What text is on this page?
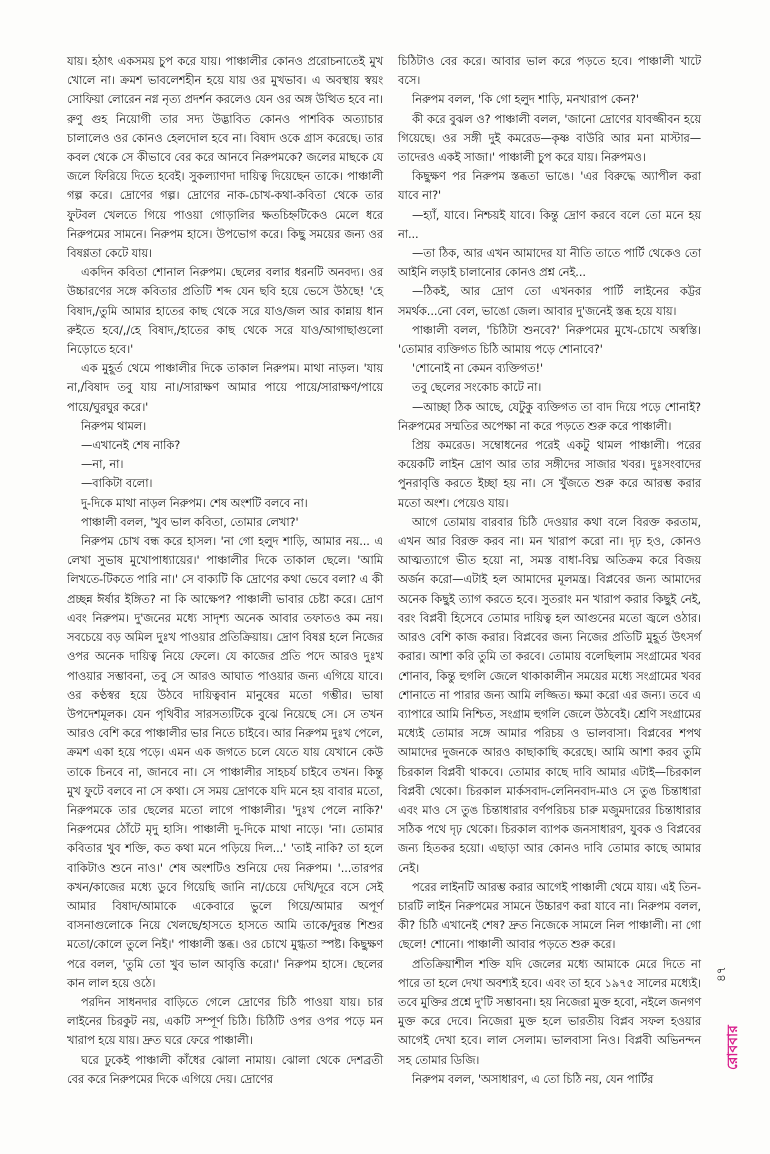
যায়। হঠাৎ একসময় চুপ করে যায়। পাঞ্চালীর কোনও প্ররোচনাতেই মুখ খোলে না। ক্রমশ ভাবলেশহীন হয়ে যায় ওর মুখভাব। এ অবস্থায় স্বয়ং সোফিয়া লোরেন নগ্ন নৃত্য প্রদর্শন করলেও যেন ওর অঙ্গ উত্থিত হবে না। রুণু গুহ নিয়োগী তার সদ্য উদ্ভাবিত কোনও পাশবিক অত্যাচার চালালেও ওর কোনও হেলদোল হবে না। বিষাদ ওকে গ্রাস করেছে। তার কবল থেকে সে কীভাবে বের করে আনবে নিরুপমকে? জলের মাছকে যে জলে ফিরিয়ে দিতে হবেই। সুকল্যাণদা দায়িত্ব দিয়েছেন তাকে। পাঞ্চালী গল্প করে। দ্রোণের গল্প। দ্রোণের নাক-চোখ-কথা-কবিতা থেকে তার ফুটবল খেলতে গিয়ে পাওয়া গোড়ালির ক্ষতচিহ্নটিকেও মেলে ধরে নিরুপমের সামনে। নিরুপম হাসে। উপভোগ করে। কিছু সময়ের জন্য ওর বিষণ্ণতা কেটে যায়।

একদিন কবিতা শোনাল নিরুপম। ছেলের বলার ধরনটি অনবদ্য। ওর উচ্চারণের সঙ্গে কবিতার প্রতিটি শব্দ যেন ছবি হয়ে ভেসে উঠছে! 'হে বিষাদ,/তুমি আমার হাতের কাছ থেকে সরে যাও/জল আর কান্নায় ধান রুইতে হবে/,/হে বিষাদ,/হাতের কাছ থেকে সরে যাও/আগাছাগুলো নিড়োতে হবে।'

এক মুহূর্ত থেমে পাঞ্চালীর দিকে তাকাল নিরুপম। মাথা নাড়ল। 'যায় না,/বিষাদ তবু যায় না।/সারাক্ষণ আমার পায়ে পায়ে/সারাক্ষণ/পায়ে পায়ে/ঘুরঘুর করে।'

নিরুপম থামল।

—এখানেই শেষ নাকি?

—না, না।

—বাকিটা বলো।

দু-দিকে মাথা নাড়ল নিরুপম। শেষ অংশটি বলবে না।

পাঞ্চালী বলল, 'খুব ভাল কবিতা, তোমার লেখা?'

নিরুপম চোখ বন্ধ করে হাসল। 'না গো হলুদ শাড়ি, আমার নয়... এ লেখা সুভাষ মুখোপাধ্যায়ের।' পাঞ্চালীর দিকে তাকাল ছেলে। 'আমি লিখতে-টিকতে পারি না।' সে বাক্যটি কি দ্রোণের কথা ভেবে বলা? এ কী প্রচ্ছন্ন ঈর্ষার ইঙ্গিত? না কি আক্ষেপ? পাঞ্চালী ভাবার চেষ্টা করে। দ্রোণ এবং নিরুপম। দু'জনের মধ্যে সাদৃশ্য অনেক আবার তফাতও কম নয়। সবচেয়ে বড় অমিল দুঃখ পাওয়ার প্রতিক্রিয়ায়। দ্রোণ বিষণ্ণ হলে নিজের ওপর অনেক দায়িত্ব নিয়ে ফেলে। যে কাজের প্রতি পদে আরও দুঃখ পাওয়ার সম্ভাবনা, তবু সে আরও আঘাত পাওয়ার জন্য এগিয়ে যাবে। ওর কণ্ঠস্বর হয়ে উঠবে দায়িত্ববান মানুষের মতো গম্ভীর। ভাষা উপদেশমূলক। যেন পৃথিবীর সারসত্যটিকে বুঝে নিয়েছে সে। সে তখন আরও বেশি করে পাঞ্চালীর ভার নিতে চাইবে। আর নিরুপম দুঃখ পেলে, ক্রমশ একা হয়ে পড়ে। এমন এক জগতে চলে যেতে যায় যেখানে কেউ তাকে চিনবে না, জানবে না। সে পাঞ্চালীর সাহচর্য চাইবে তখন। কিন্তু মুখ ফুটে বলবে না সে কথা। সে সময় দ্রোণকে যদি মনে হয় বাবার মতো, নিরুপমকে তার ছেলের মতো লাগে পাঞ্চালীর। 'দুঃখ পেলে নাকি?' নিরুপমের ঠোঁটে মৃদু হাসি। পাঞ্চালী দু-দিকে মাথা নাড়ে। 'না। তোমার কবিতার খুব শক্তি, কত কথা মনে পড়িয়ে দিল...' 'তাই নাকি? তা হলে বাকিটাও শুনে নাও।' শেষ অংশটিও শুনিয়ে দেয় নিরুপম। '...তারপর কখন/কাজের মধ্যে ডুবে গিয়েছি জানি না/চেয়ে দেখি/দূরে বসে সেই আমার বিষাদ/আমাকে একেবারে ভুলে গিয়ে/আমার অপূর্ণ বাসনাগুলোকে নিয়ে খেলছে/হাসতে হাসতে আমি তাকে/দুরন্ত শিশুর মতো/কোলে তুলে নিই।' পাঞ্চালী স্তব্ধ। ওর চোখে মুগ্ধতা স্পষ্ট। কিছুক্ষণ পরে বলল, 'তুমি তো খুব ভাল আবৃত্তি করো।' নিরুপম হাসে। ছেলের কান লাল হয়ে ওঠে।

পরদিন সাধনদার বাড়িতে গেলে দ্রোণের চিঠি পাওয়া যায়। চার লাইনের চিরকুট নয়, একটি সম্পূর্ণ চিঠি। চিঠিটি ওপর ওপর পড়ে মন খারাপ হয়ে যায়। দ্রুত ঘরে ফেরে পাঞ্চালী।

ঘরে ঢুকেই পাঞ্চালী কাঁধের ঝোলা নামায়। ঝোলা থেকে দেশব্রতী বের করে নিরুপমের দিকে এগিয়ে দেয়। দ্রোণের

চিঠিটাও বের করে। আবার ভাল করে পড়তে হবে। পাঞ্চালী খাটে বসে।

নিরুপম বলল, 'কি গো হলুদ শাড়ি, মনখারাপ কেন?'

কী করে বুঝল ও? পাঞ্চালী বলল, 'জানো দ্রোণের যাবজ্জীবন হয়ে গিয়েছে। ওর সঙ্গী দুই কমরেড—কৃষ্ণ বাউরি আর মনা মাস্টার—তাদেরও একই সাজা।' পাঞ্চালী চুপ করে যায়। নিরুপমও।

কিছুক্ষণ পর নিরুপম স্তব্ধতা ভাঙে। 'এর বিরুদ্ধে অ্যাপীল করা যাবে না?'

—হ্যাঁ, যাবে। নিশ্চয়ই যাবে। কিন্তু দ্রোণ করবে বলে তো মনে হয় না...

—তা ঠিক, আর এখন আমাদের যা নীতি তাতে পার্টি থেকেও তো আইনি লড়াই চালানোর কোনও প্রশ্ন নেই...

—ঠিকই, আর দ্রোণ তো এখনকার পার্টি লাইনের কট্টর সমর্থক...নো বেল, ভাঙো জেল। আবার দু'জনেই স্তব্ধ হয়ে যায়।

পাঞ্চালী বলল, 'চিঠিটা শুনবে?' নিরুপমের মুখে-চোখে অস্বস্তি। 'তোমার ব্যক্তিগত চিঠি আমায় পড়ে শোনাবে?'

'শোনোই না কেমন ব্যক্তিগত!'

তবু ছেলের সংকোচ কাটে না।

—আচ্ছা ঠিক আছে, যেটুকু ব্যক্তিগত তা বাদ দিয়ে পড়ে শোনাই? নিরুপমের সম্মতির অপেক্ষা না করে পড়তে শুরু করে পাঞ্চালী।

প্রিয় কমরেড। সম্বোধনের পরেই একটু থামল পাঞ্চালী। পরের কয়েকটি লাইন দ্রোণ আর তার সঙ্গীদের সাজার খবর। দুঃসংবাদের পুনরাবৃত্তি করতে ইচ্ছা হয় না। সে খুঁজতে শুরু করে আরম্ভ করার মতো অংশ। পেয়েও যায়।

আগে তোমায় বারবার চিঠি দেওয়ার কথা বলে বিরক্ত করতাম, এখন আর বিরক্ত করব না। মন খারাপ করো না। দৃঢ় হও, কোনও আত্মত্যাগে ভীত হয়ো না, সমস্ত বাধা-বিঘ্ন অতিক্রম করে বিজয় অর্জন করো—এটাই হল আমাদের মূলমন্ত্র। বিপ্লবের জন্য আমাদের অনেক কিছুই ত্যাগ করতে হবে। সুতরাং মন খারাপ করার কিছুই নেই, বরং বিপ্লবী হিসেবে তোমার দায়িত্ব হল আগুনের মতো জ্বলে ওঠার। আরও বেশি কাজ করার। বিপ্লবের জন্য নিজের প্রতিটি মুহূর্ত উৎসর্গ করার। আশা করি তুমি তা করবে। তোমায় বলেছিলাম সংগ্রামের খবর শোনাব, কিন্তু হুগলি জেলে থাকাকালীন সময়ের মধ্যে সংগ্রামের খবর শোনাতে না পারার জন্য আমি লজ্জিত। ক্ষমা করো এর জন্য। তবে এ ব্যাপারে আমি নিশ্চিত, সংগ্রাম হুগলি জেলে উঠবেই। শ্রেণি সংগ্রামের মধ্যেই তোমার সঙ্গে আমার পরিচয় ও ভালবাসা। বিপ্লবের শপথ আমাদের দুজনকে আরও কাছাকাছি করেছে। আমি আশা করব তুমি চিরকাল বিপ্লবী থাকবে। তোমার কাছে দাবি আমার এটাই—চিরকাল বিপ্লবী থেকো। চিরকাল মার্কসবাদ-লেনিনবাদ-মাও সে তুঙ চিন্তাধারা এবং মাও সে তুঙ চিন্তাধারার বর্ণপরিচয় চারু মজুমদারের চিন্তাধারার সঠিক পথে দৃঢ় থেকো। চিরকাল ব্যাপক জনসাধারণ, যুবক ও বিপ্লবের জন্য হিতকর হয়ো। এছাড়া আর কোনও দাবি তোমার কাছে আমার নেই।

পরের লাইনটি আরম্ভ করার আগেই পাঞ্চালী থেমে যায়। এই তিন-চারটি লাইন নিরুপমের সামনে উচ্চারণ করা যাবে না। নিরুপম বলল, কী? চিঠি এখানেই শেষ? দ্রুত নিজেকে সামলে নিল পাঞ্চালী। না গো ছেলে! শোনো। পাঞ্চালী আবার পড়তে শুরু করে।

প্রতিক্রিয়াশীল শক্তি যদি জেলের মধ্যে আমাকে মেরে দিতে না পারে তা হলে দেখা অবশ্যই হবে। এবং তা হবে ১৯৭৫ সালের মধ্যেই। তবে মুক্তির প্রশ্নে দু'টি সম্ভাবনা। হয় নিজেরা মুক্ত হবো, নইলে জনগণ মুক্ত করে দেবে। নিজেরা মুক্ত হলে ভারতীয় বিপ্লব সফল হওয়ার আগেই দেখা হবে। লাল সেলাম। ভালবাসা নিও। বিপ্লবী অভিনন্দন সহ তোমার ডিজি।

নিরুপম বলল, 'অসাধারণ, এ তো চিঠি নয়, যেন পার্টির

রোববার
৪৭
